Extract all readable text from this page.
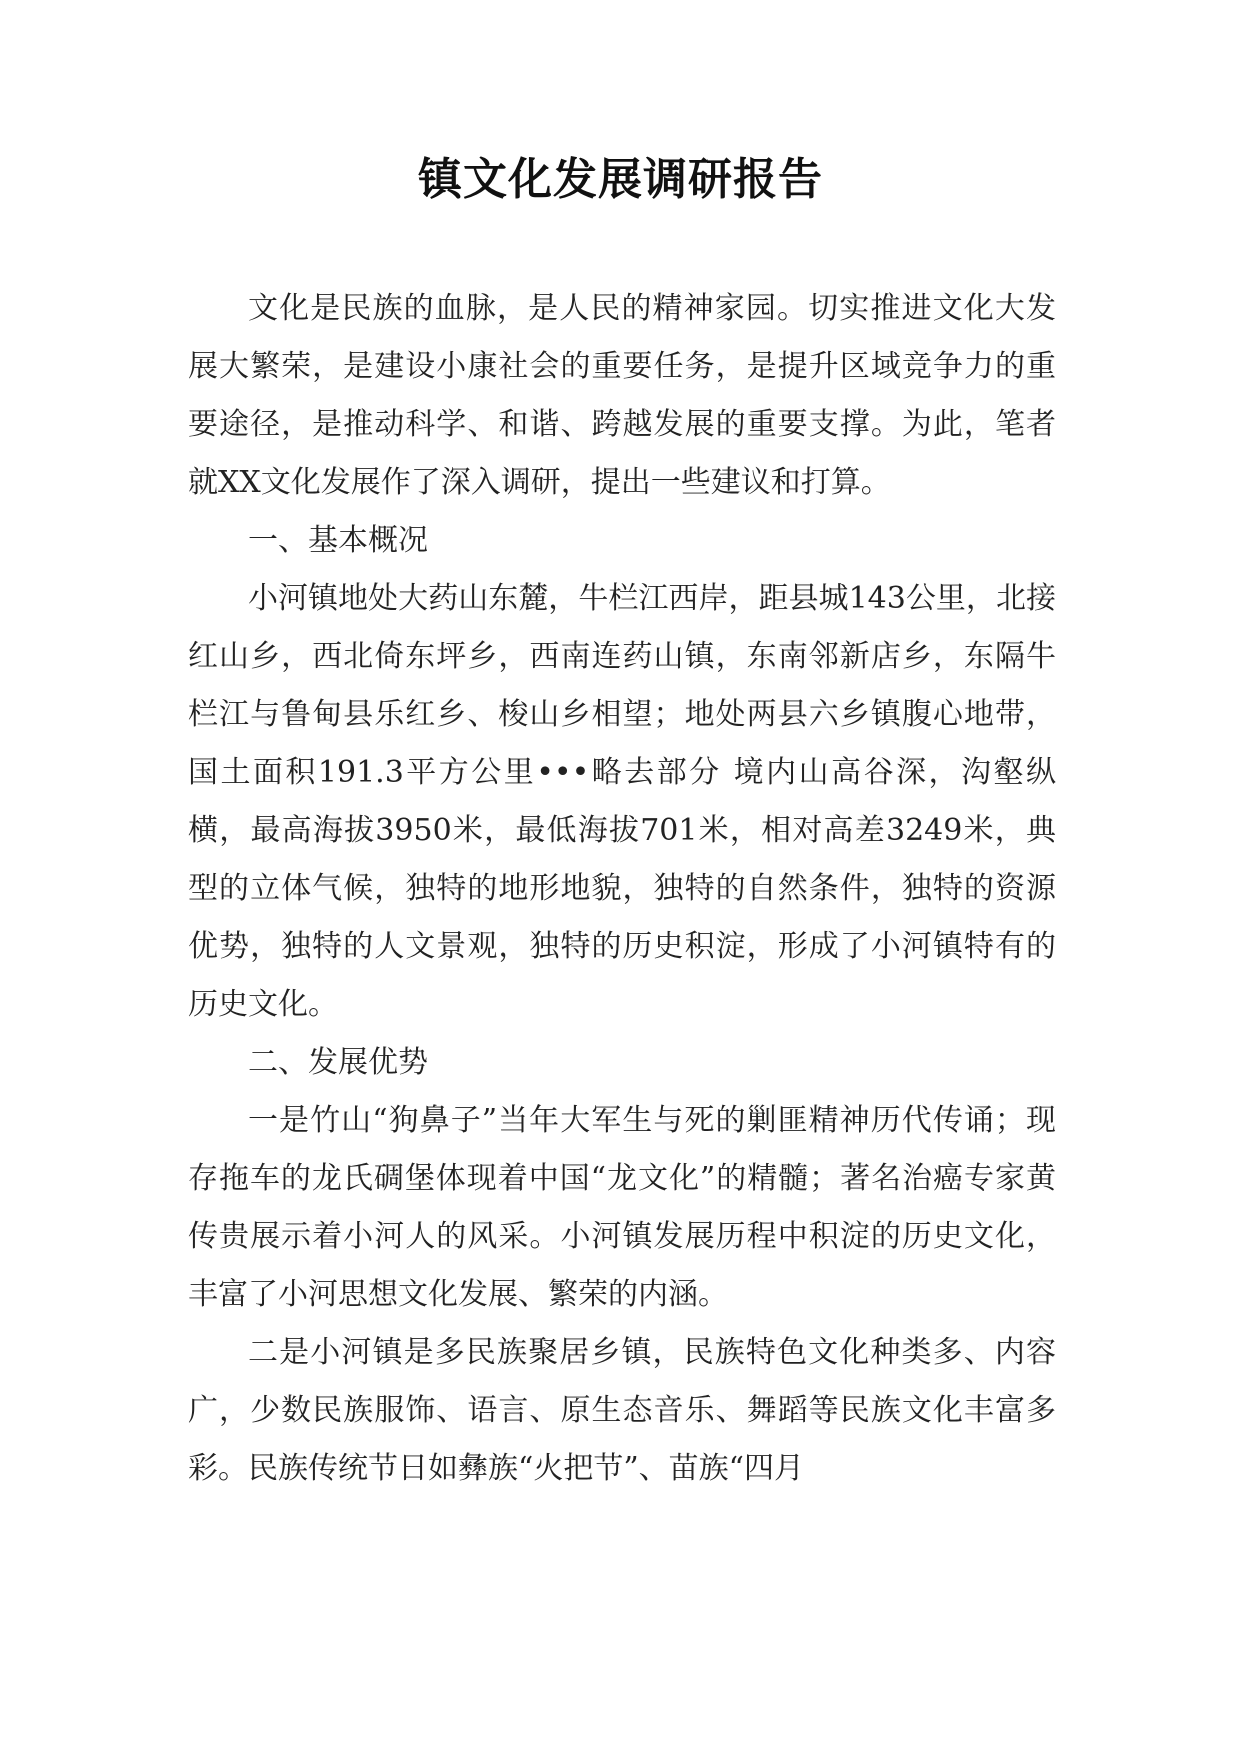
镇文化发展调研报告

文化是民族的血脉，是人民的精神家园。切实推进文化大发展大繁荣，是建设小康社会的重要任务，是提升区域竞争力的重要途径，是推动科学、和谐、跨越发展的重要支撑。为此，笔者就XX文化发展作了深入调研，提出一些建议和打算。

一、基本概况

小河镇地处大药山东麓，牛栏江西岸，距县城143公里，北接红山乡，西北倚东坪乡，西南连药山镇，东南邻新店乡，东隔牛栏江与鲁甸县乐红乡、梭山乡相望；地处两县六乡镇腹心地带，国土面积191.3平方公里•••略去部分 境内山高谷深，沟壑纵横，最高海拔3950米，最低海拔701米，相对高差3249米，典型的立体气候，独特的地形地貌，独特的自然条件，独特的资源优势，独特的人文景观，独特的历史积淀，形成了小河镇特有的历史文化。

二、发展优势

一是竹山“狗鼻子”当年大军生与死的剿匪精神历代传诵；现存拖车的龙氏碉堡体现着中国“龙文化”的精髓；著名治癌专家黄传贵展示着小河人的风采。小河镇发展历程中积淀的历史文化，丰富了小河思想文化发展、繁荣的内涵。

二是小河镇是多民族聚居乡镇，民族特色文化种类多、内容广，少数民族服饰、语言、原生态音乐、舞蹈等民族文化丰富多彩。民族传统节日如彝族“火把节”、苗族“四月
